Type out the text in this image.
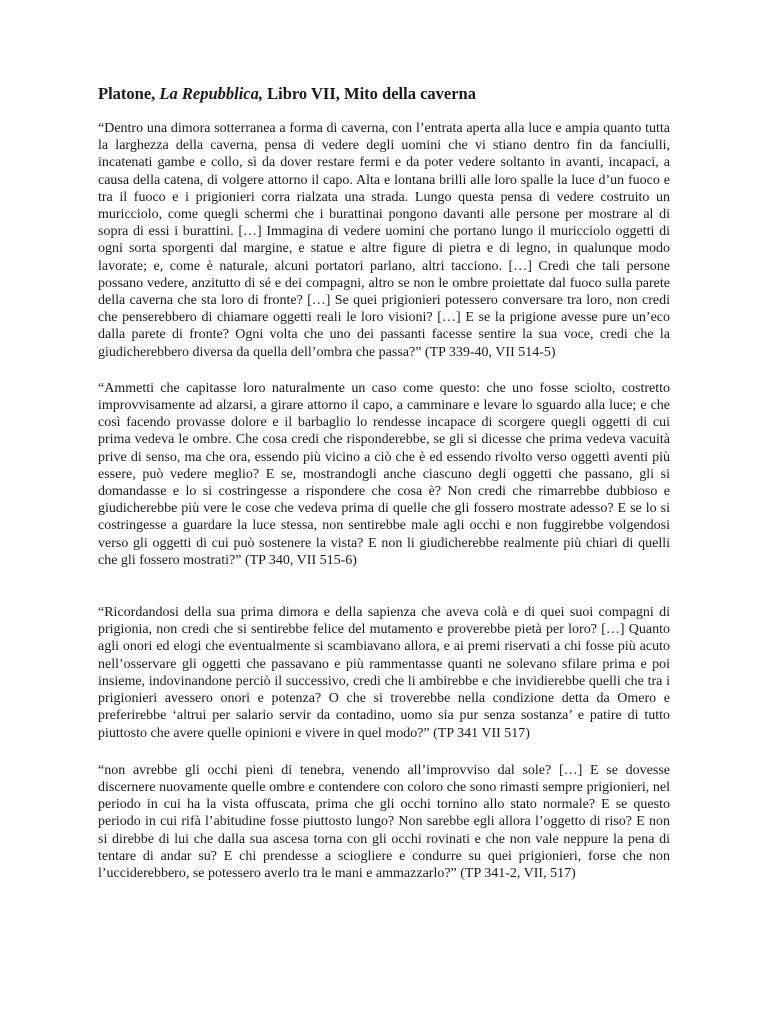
Platone, La Repubblica, Libro VII, Mito della caverna

“Dentro una dimora sotterranea a forma di caverna, con l’entrata aperta alla luce e ampia quanto tutta la larghezza della caverna, pensa di vedere degli uomini che vi stiano dentro fin da fanciulli, incatenati gambe e collo, sì da dover restare fermi e da poter vedere soltanto in avanti, incapaci, a causa della catena, di volgere attorno il capo. Alta e lontana brilli alle loro spalle la luce d’un fuoco e tra il fuoco e i prigionieri corra rialzata una strada. Lungo questa pensa di vedere costruito un muricciolo, come quegli schermi che i burattinai pongono davanti alle persone per mostrare al di sopra di essi i burattini. […] Immagina di vedere uomini che portano lungo il muricciolo oggetti di ogni sorta sporgenti dal margine, e statue e altre figure di pietra e di legno, in qualunque modo lavorate; e, come è naturale, alcuni portatori parlano, altri tacciono. […] Credi che tali persone possano vedere, anzitutto di sé e dei compagni, altro se non le ombre proiettate dal fuoco sulla parete della caverna che sta loro di fronte? […] Se quei prigionieri potessero conversare tra loro, non credi che penserebbero di chiamare oggetti reali le loro visioni? […] E se la prigione avesse pure un’eco dalla parete di fronte? Ogni volta che uno dei passanti facesse sentire la sua voce, credi che la giudicherebbero diversa da quella dell’ombra che passa?” (TP 339-40, VII 514-5)

“Ammetti che capitasse loro naturalmente un caso come questo: che uno fosse sciolto, costretto improvvisamente ad alzarsi, a girare attorno il capo, a camminare e levare lo sguardo alla luce; e che così facendo provasse dolore e il barbaglio lo rendesse incapace di scorgere quegli oggetti di cui prima vedeva le ombre. Che cosa credi che risponderebbe, se gli si dicesse che prima vedeva vacuità prive di senso, ma che ora, essendo più vicino a ciò che è ed essendo rivolto verso oggetti aventi più essere, può vedere meglio? E se, mostrandogli anche ciascuno degli oggetti che passano, gli si domandasse e lo si costringesse a rispondere che cosa è? Non credi che rimarrebbe dubbioso e giudicherebbe più vere le cose che vedeva prima di quelle che gli fossero mostrate adesso? E se lo si costringesse a guardare la luce stessa, non sentirebbe male agli occhi e non fuggirebbe volgendosi verso gli oggetti di cui può sostenere la vista? E non li giudicherebbe realmente più chiari di quelli che gli fossero mostrati?” (TP 340, VII 515-6)

“Ricordandosi della sua prima dimora e della sapienza che aveva colà e di quei suoi compagni di prigionia, non credi che si sentirebbe felice del mutamento e proverebbe pietà per loro? […] Quanto agli onori ed elogi che eventualmente si scambiavano allora, e ai premi riservati a chi fosse più acuto nell’osservare gli oggetti che passavano e più rammentasse quanti ne solevano sfilare prima e poi insieme, indovinandone perciò il successivo, credi che li ambirebbe e che invidierebbe quelli che tra i prigionieri avessero onori e potenza? O che si troverebbe nella condizione detta da Omero e preferirebbe ‘altrui per salario servir da contadino, uomo sia pur senza sostanza’ e patire di tutto piuttosto che avere quelle opinioni e vivere in quel modo?” (TP 341 VII 517)

“non avrebbe gli occhi pieni di tenebra, venendo all’improvviso dal sole? […] E se dovesse discernere nuovamente quelle ombre e contendere con coloro che sono rimasti sempre prigionieri, nel periodo in cui ha la vista offuscata, prima che gli occhi tornino allo stato normale? E se questo periodo in cui rifà l’abitudine fosse piuttosto lungo? Non sarebbe egli allora l’oggetto di riso? E non si direbbe di lui che dalla sua ascesa torna con gli occhi rovinati e che non vale neppure la pena di tentare di andar su? E chi prendesse a sciogliere e condurre su quei prigionieri, forse che non l’ucciderebbero, se potessero averlo tra le mani e ammazzarlo?” (TP 341-2, VII, 517)
